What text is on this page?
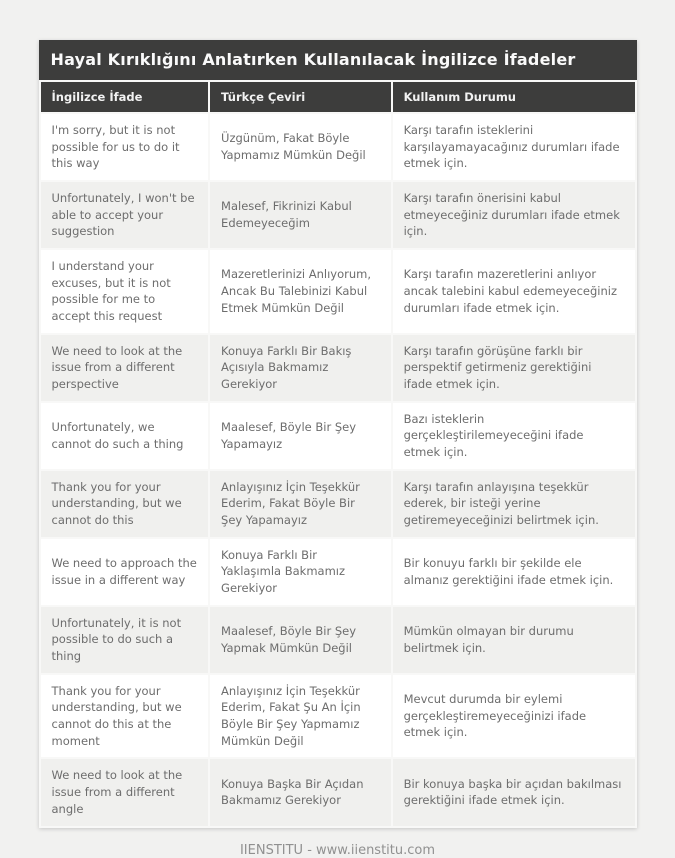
Hayal Kırıklığını Anlatırken Kullanılacak İngilizce İfadeler
İngilizce İfade	Türkçe Çeviri	Kullanım Durumu
I'm sorry, but it is not possible for us to do it this way	Üzgünüm, Fakat Böyle Yapmamız Mümkün Değil	Karşı tarafın isteklerini karşılayamayacağınız durumları ifade etmek için.
Unfortunately, I won't be able to accept your suggestion	Malesef, Fikrinizi Kabul Edemeyeceğim	Karşı tarafın önerisini kabul etmeyeceğiniz durumları ifade etmek için.
I understand your excuses, but it is not possible for me to accept this request	Mazeretlerinizi Anlıyorum, Ancak Bu Talebinizi Kabul Etmek Mümkün Değil	Karşı tarafın mazeretlerini anlıyor ancak talebini kabul edemeyeceğiniz durumları ifade etmek için.
We need to look at the issue from a different perspective	Konuya Farklı Bir Bakış Açısıyla Bakmamız Gerekiyor	Karşı tarafın görüşüne farklı bir perspektif getirmeniz gerektiğini ifade etmek için.
Unfortunately, we cannot do such a thing	Maalesef, Böyle Bir Şey Yapamayız	Bazı isteklerin gerçekleştirilemeyeceğini ifade etmek için.
Thank you for your understanding, but we cannot do this	Anlayışınız İçin Teşekkür Ederim, Fakat Böyle Bir Şey Yapamayız	Karşı tarafın anlayışına teşekkür ederek, bir isteği yerine getiremeyeceğinizi belirtmek için.
We need to approach the issue in a different way	Konuya Farklı Bir Yaklaşımla Bakmamız Gerekiyor	Bir konuyu farklı bir şekilde ele almanız gerektiğini ifade etmek için.
Unfortunately, it is not possible to do such a thing	Maalesef, Böyle Bir Şey Yapmak Mümkün Değil	Mümkün olmayan bir durumu belirtmek için.
Thank you for your understanding, but we cannot do this at the moment	Anlayışınız İçin Teşekkür Ederim, Fakat Şu An İçin Böyle Bir Şey Yapmamız Mümkün Değil	Mevcut durumda bir eylemi gerçekleştiremeyeceğinizi ifade etmek için.
We need to look at the issue from a different angle	Konuya Başka Bir Açıdan Bakmamız Gerekiyor	Bir konuya başka bir açıdan bakılması gerektiğini ifade etmek için.
IIENSTITU - www.iienstitu.com
